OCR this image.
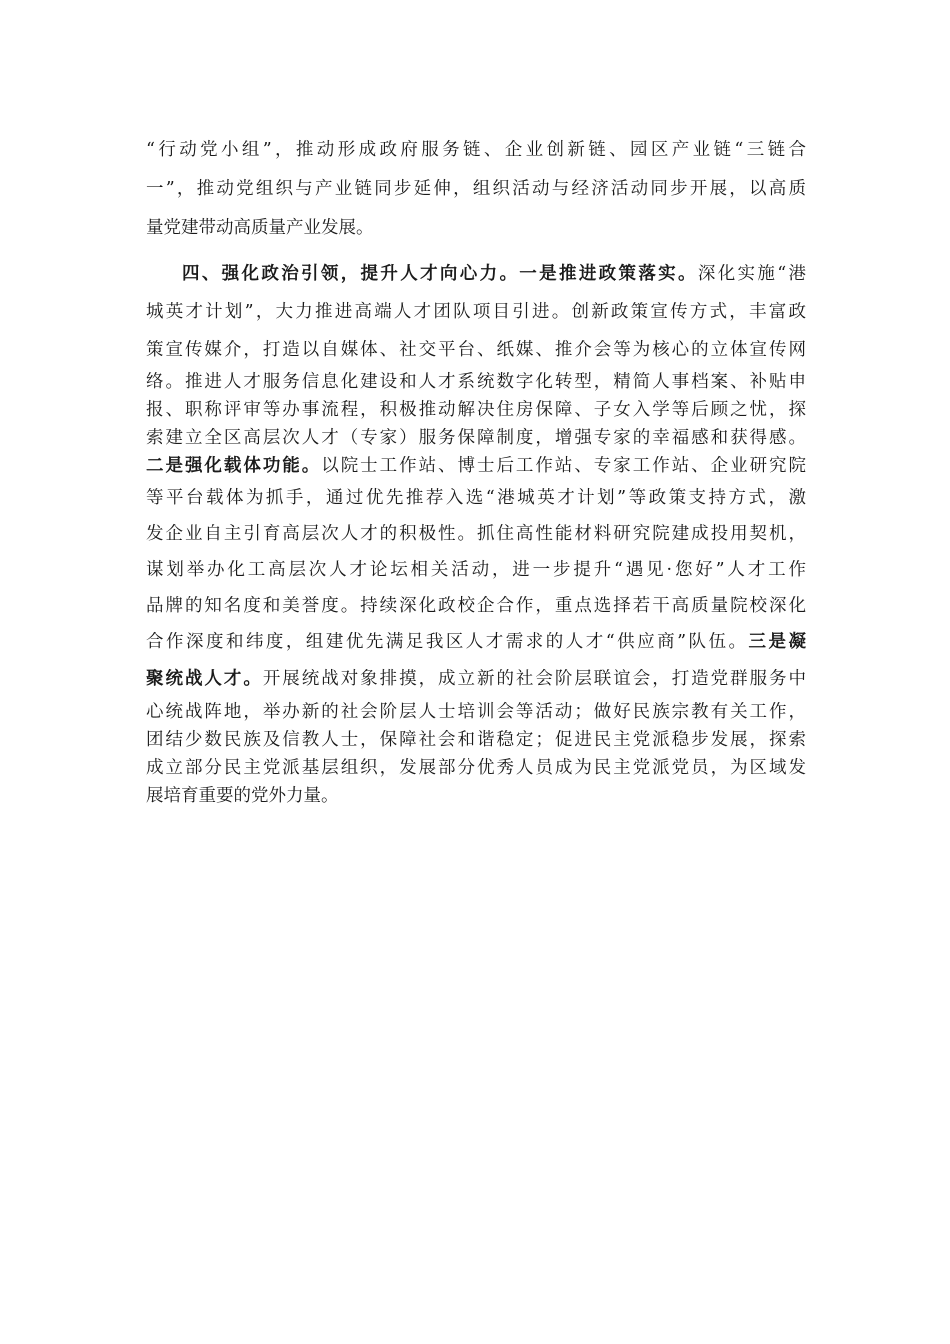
“行动党小组”，推动形成政府服务链、企业创新链、园区产业链“三链合
一”，推动党组织与产业链同步延伸，组织活动与经济活动同步开展，以高质
量党建带动高质量产业发展。
四、强化政治引领，提升人才向心力。一是推进政策落实。深化实施“港
城英才计划”，大力推进高端人才团队项目引进。创新政策宣传方式，丰富政
策宣传媒介，打造以自媒体、社交平台、纸媒、推介会等为核心的立体宣传网
络。推进人才服务信息化建设和人才系统数字化转型，精简人事档案、补贴申
报、职称评审等办事流程，积极推动解决住房保障、子女入学等后顾之忧，探
索建立全区高层次人才（专家）服务保障制度，增强专家的幸福感和获得感。
二是强化载体功能。以院士工作站、博士后工作站、专家工作站、企业研究院
等平台载体为抓手，通过优先推荐入选“港城英才计划”等政策支持方式，激
发企业自主引育高层次人才的积极性。抓住高性能材料研究院建成投用契机，
谋划举办化工高层次人才论坛相关活动，进一步提升“遇见·您好”人才工作
品牌的知名度和美誉度。持续深化政校企合作，重点选择若干高质量院校深化
合作深度和纬度，组建优先满足我区人才需求的人才“供应商”队伍。三是凝
聚统战人才。开展统战对象排摸，成立新的社会阶层联谊会，打造党群服务中
心统战阵地，举办新的社会阶层人士培训会等活动；做好民族宗教有关工作，
团结少数民族及信教人士，保障社会和谐稳定；促进民主党派稳步发展，探索
成立部分民主党派基层组织，发展部分优秀人员成为民主党派党员，为区域发
展培育重要的党外力量。
